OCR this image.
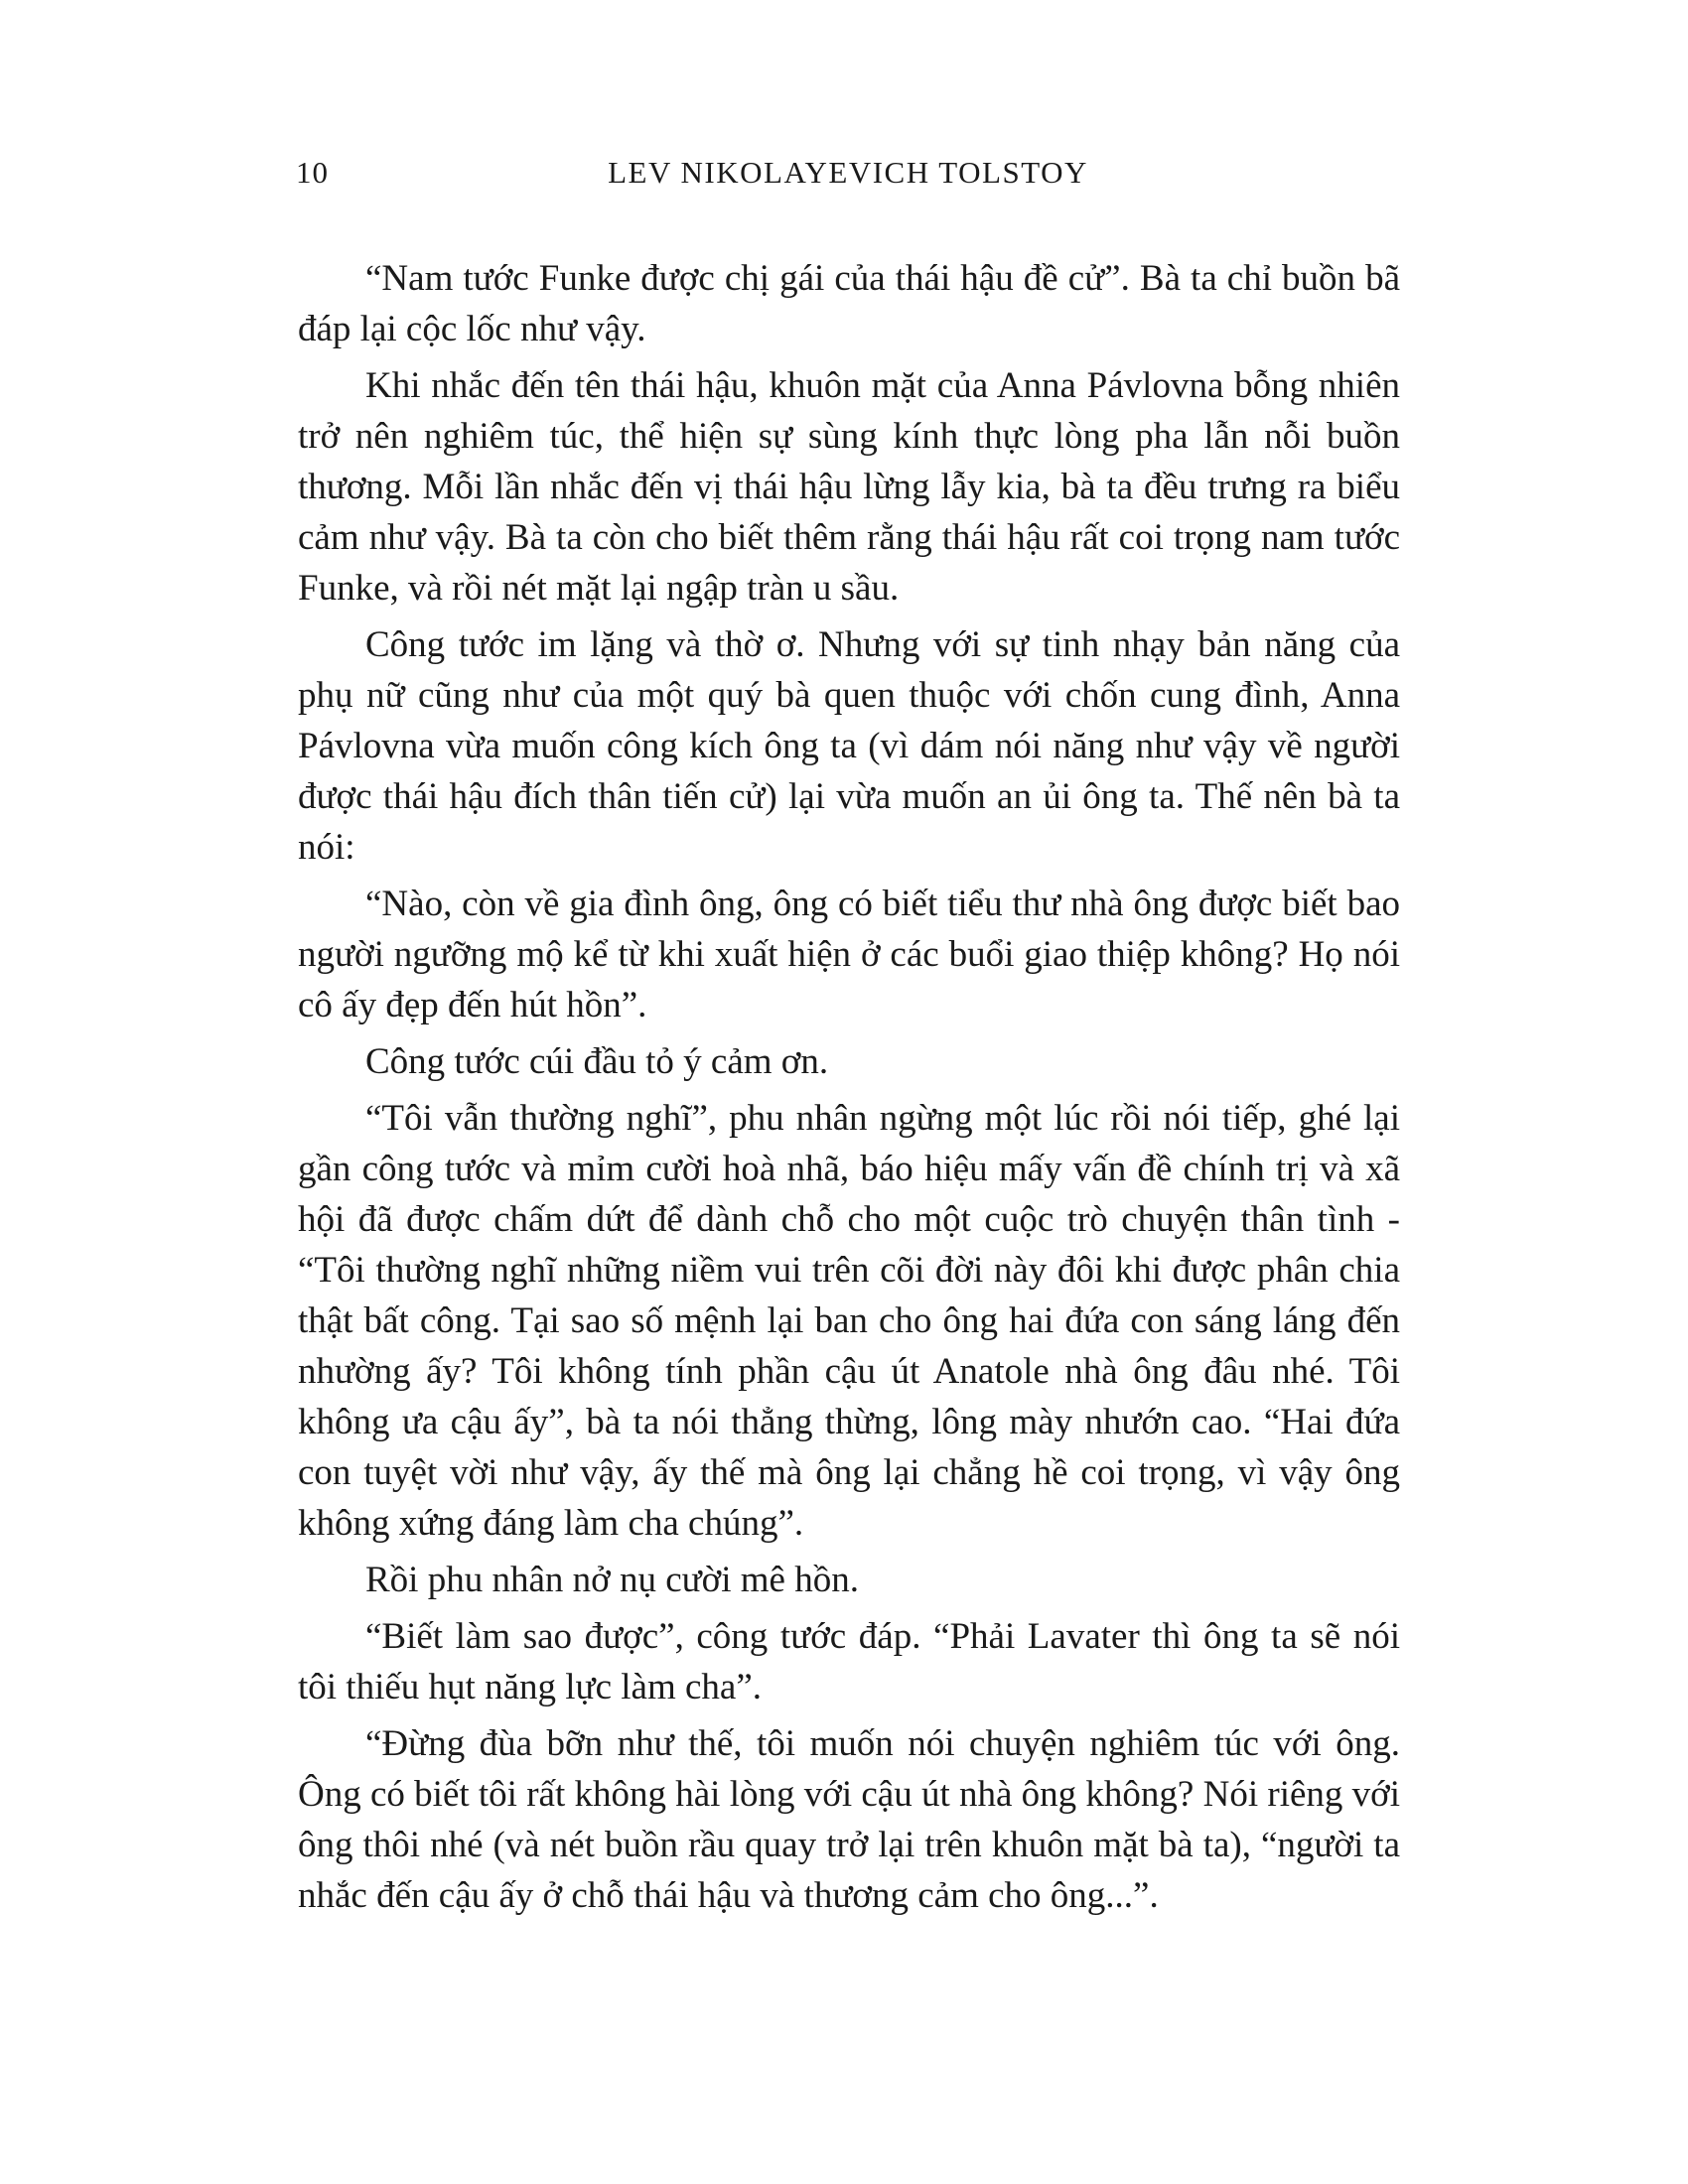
10	LEV NIKOLAYEVICH TOLSTOY

“Nam tước Funke được chị gái của thái hậu đề cử”. Bà ta chỉ buồn bã đáp lại cộc lốc như vậy.

Khi nhắc đến tên thái hậu, khuôn mặt của Anna Pávlovna bỗng nhiên trở nên nghiêm túc, thể hiện sự sùng kính thực lòng pha lẫn nỗi buồn thương. Mỗi lần nhắc đến vị thái hậu lừng lẫy kia, bà ta đều trưng ra biểu cảm như vậy. Bà ta còn cho biết thêm rằng thái hậu rất coi trọng nam tước Funke, và rồi nét mặt lại ngập tràn u sầu.

Công tước im lặng và thờ ơ. Nhưng với sự tinh nhạy bản năng của phụ nữ cũng như của một quý bà quen thuộc với chốn cung đình, Anna Pávlovna vừa muốn công kích ông ta (vì dám nói năng như vậy về người được thái hậu đích thân tiến cử) lại vừa muốn an ủi ông ta. Thế nên bà ta nói:

“Nào, còn về gia đình ông, ông có biết tiểu thư nhà ông được biết bao người ngưỡng mộ kể từ khi xuất hiện ở các buổi giao thiệp không? Họ nói cô ấy đẹp đến hút hồn”.

Công tước cúi đầu tỏ ý cảm ơn.

“Tôi vẫn thường nghĩ”, phu nhân ngừng một lúc rồi nói tiếp, ghé lại gần công tước và mỉm cười hoà nhã, báo hiệu mấy vấn đề chính trị và xã hội đã được chấm dứt để dành chỗ cho một cuộc trò chuyện thân tình - “Tôi thường nghĩ những niềm vui trên cõi đời này đôi khi được phân chia thật bất công. Tại sao số mệnh lại ban cho ông hai đứa con sáng láng đến nhường ấy? Tôi không tính phần cậu út Anatole nhà ông đâu nhé. Tôi không ưa cậu ấy”, bà ta nói thẳng thừng, lông mày nhướn cao. “Hai đứa con tuyệt vời như vậy, ấy thế mà ông lại chẳng hề coi trọng, vì vậy ông không xứng đáng làm cha chúng”.

Rồi phu nhân nở nụ cười mê hồn.

“Biết làm sao được”, công tước đáp. “Phải Lavater thì ông ta sẽ nói tôi thiếu hụt năng lực làm cha”.

“Đừng đùa bỡn như thế, tôi muốn nói chuyện nghiêm túc với ông. Ông có biết tôi rất không hài lòng với cậu út nhà ông không? Nói riêng với ông thôi nhé (và nét buồn rầu quay trở lại trên khuôn mặt bà ta), “người ta nhắc đến cậu ấy ở chỗ thái hậu và thương cảm cho ông...”.
